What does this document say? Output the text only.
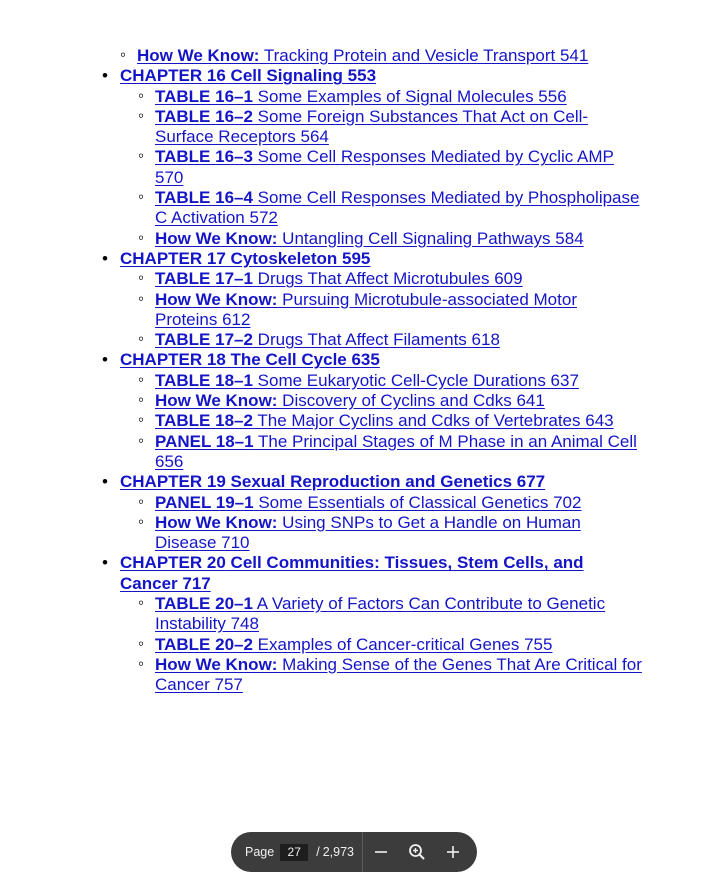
◦ How We Know: Tracking Protein and Vesicle Transport 541
• CHAPTER 16 Cell Signaling 553
◦ TABLE 16–1 Some Examples of Signal Molecules 556
◦ TABLE 16–2 Some Foreign Substances That Act on Cell-Surface Receptors 564
◦ TABLE 16–3 Some Cell Responses Mediated by Cyclic AMP 570
◦ TABLE 16–4 Some Cell Responses Mediated by Phospholipase C Activation 572
◦ How We Know: Untangling Cell Signaling Pathways 584
• CHAPTER 17 Cytoskeleton 595
◦ TABLE 17–1 Drugs That Affect Microtubules 609
◦ How We Know: Pursuing Microtubule-associated Motor Proteins 612
◦ TABLE 17–2 Drugs That Affect Filaments 618
• CHAPTER 18 The Cell Cycle 635
◦ TABLE 18–1 Some Eukaryotic Cell-Cycle Durations 637
◦ How We Know: Discovery of Cyclins and Cdks 641
◦ TABLE 18–2 The Major Cyclins and Cdks of Vertebrates 643
◦ PANEL 18–1 The Principal Stages of M Phase in an Animal Cell 656
• CHAPTER 19 Sexual Reproduction and Genetics 677
◦ PANEL 19–1 Some Essentials of Classical Genetics 702
◦ How We Know: Using SNPs to Get a Handle on Human Disease 710
• CHAPTER 20 Cell Communities: Tissues, Stem Cells, and Cancer 717
◦ TABLE 20–1 A Variety of Factors Can Contribute to Genetic Instability 748
◦ TABLE 20–2 Examples of Cancer-critical Genes 755
◦ How We Know: Making Sense of the Genes That Are Critical for Cancer 757
Page
27	/ 2,973
